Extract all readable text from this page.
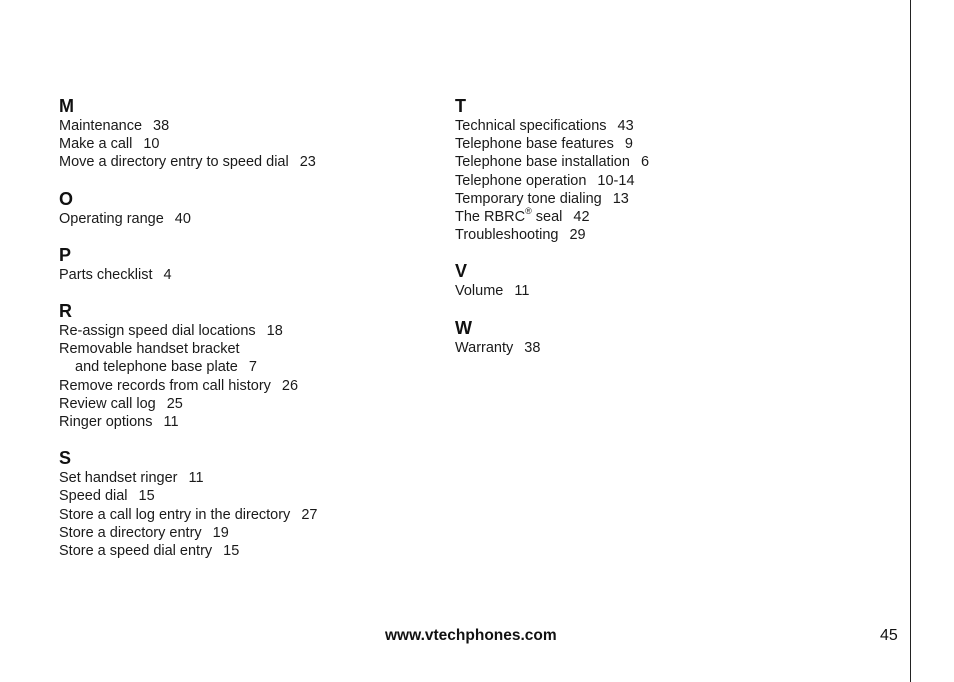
M
Maintenance 38
Make a call 10
Move a directory entry to speed dial 23
O
Operating range 40
P
Parts checklist 4
R
Re-assign speed dial locations 18
Removable handset bracket
and telephone base plate 7
Remove records from call history 26
Review call log 25
Ringer options 11
S
Set handset ringer 11
Speed dial 15
Store a call log entry in the directory 27
Store a directory entry 19
Store a speed dial entry 15
T
Technical specifications 43
Telephone base features 9
Telephone base installation 6
Telephone operation 10-14
Temporary tone dialing 13
The RBRC® seal 42
Troubleshooting 29
V
Volume 11
W
Warranty 38
www.vtechphones.com	45
